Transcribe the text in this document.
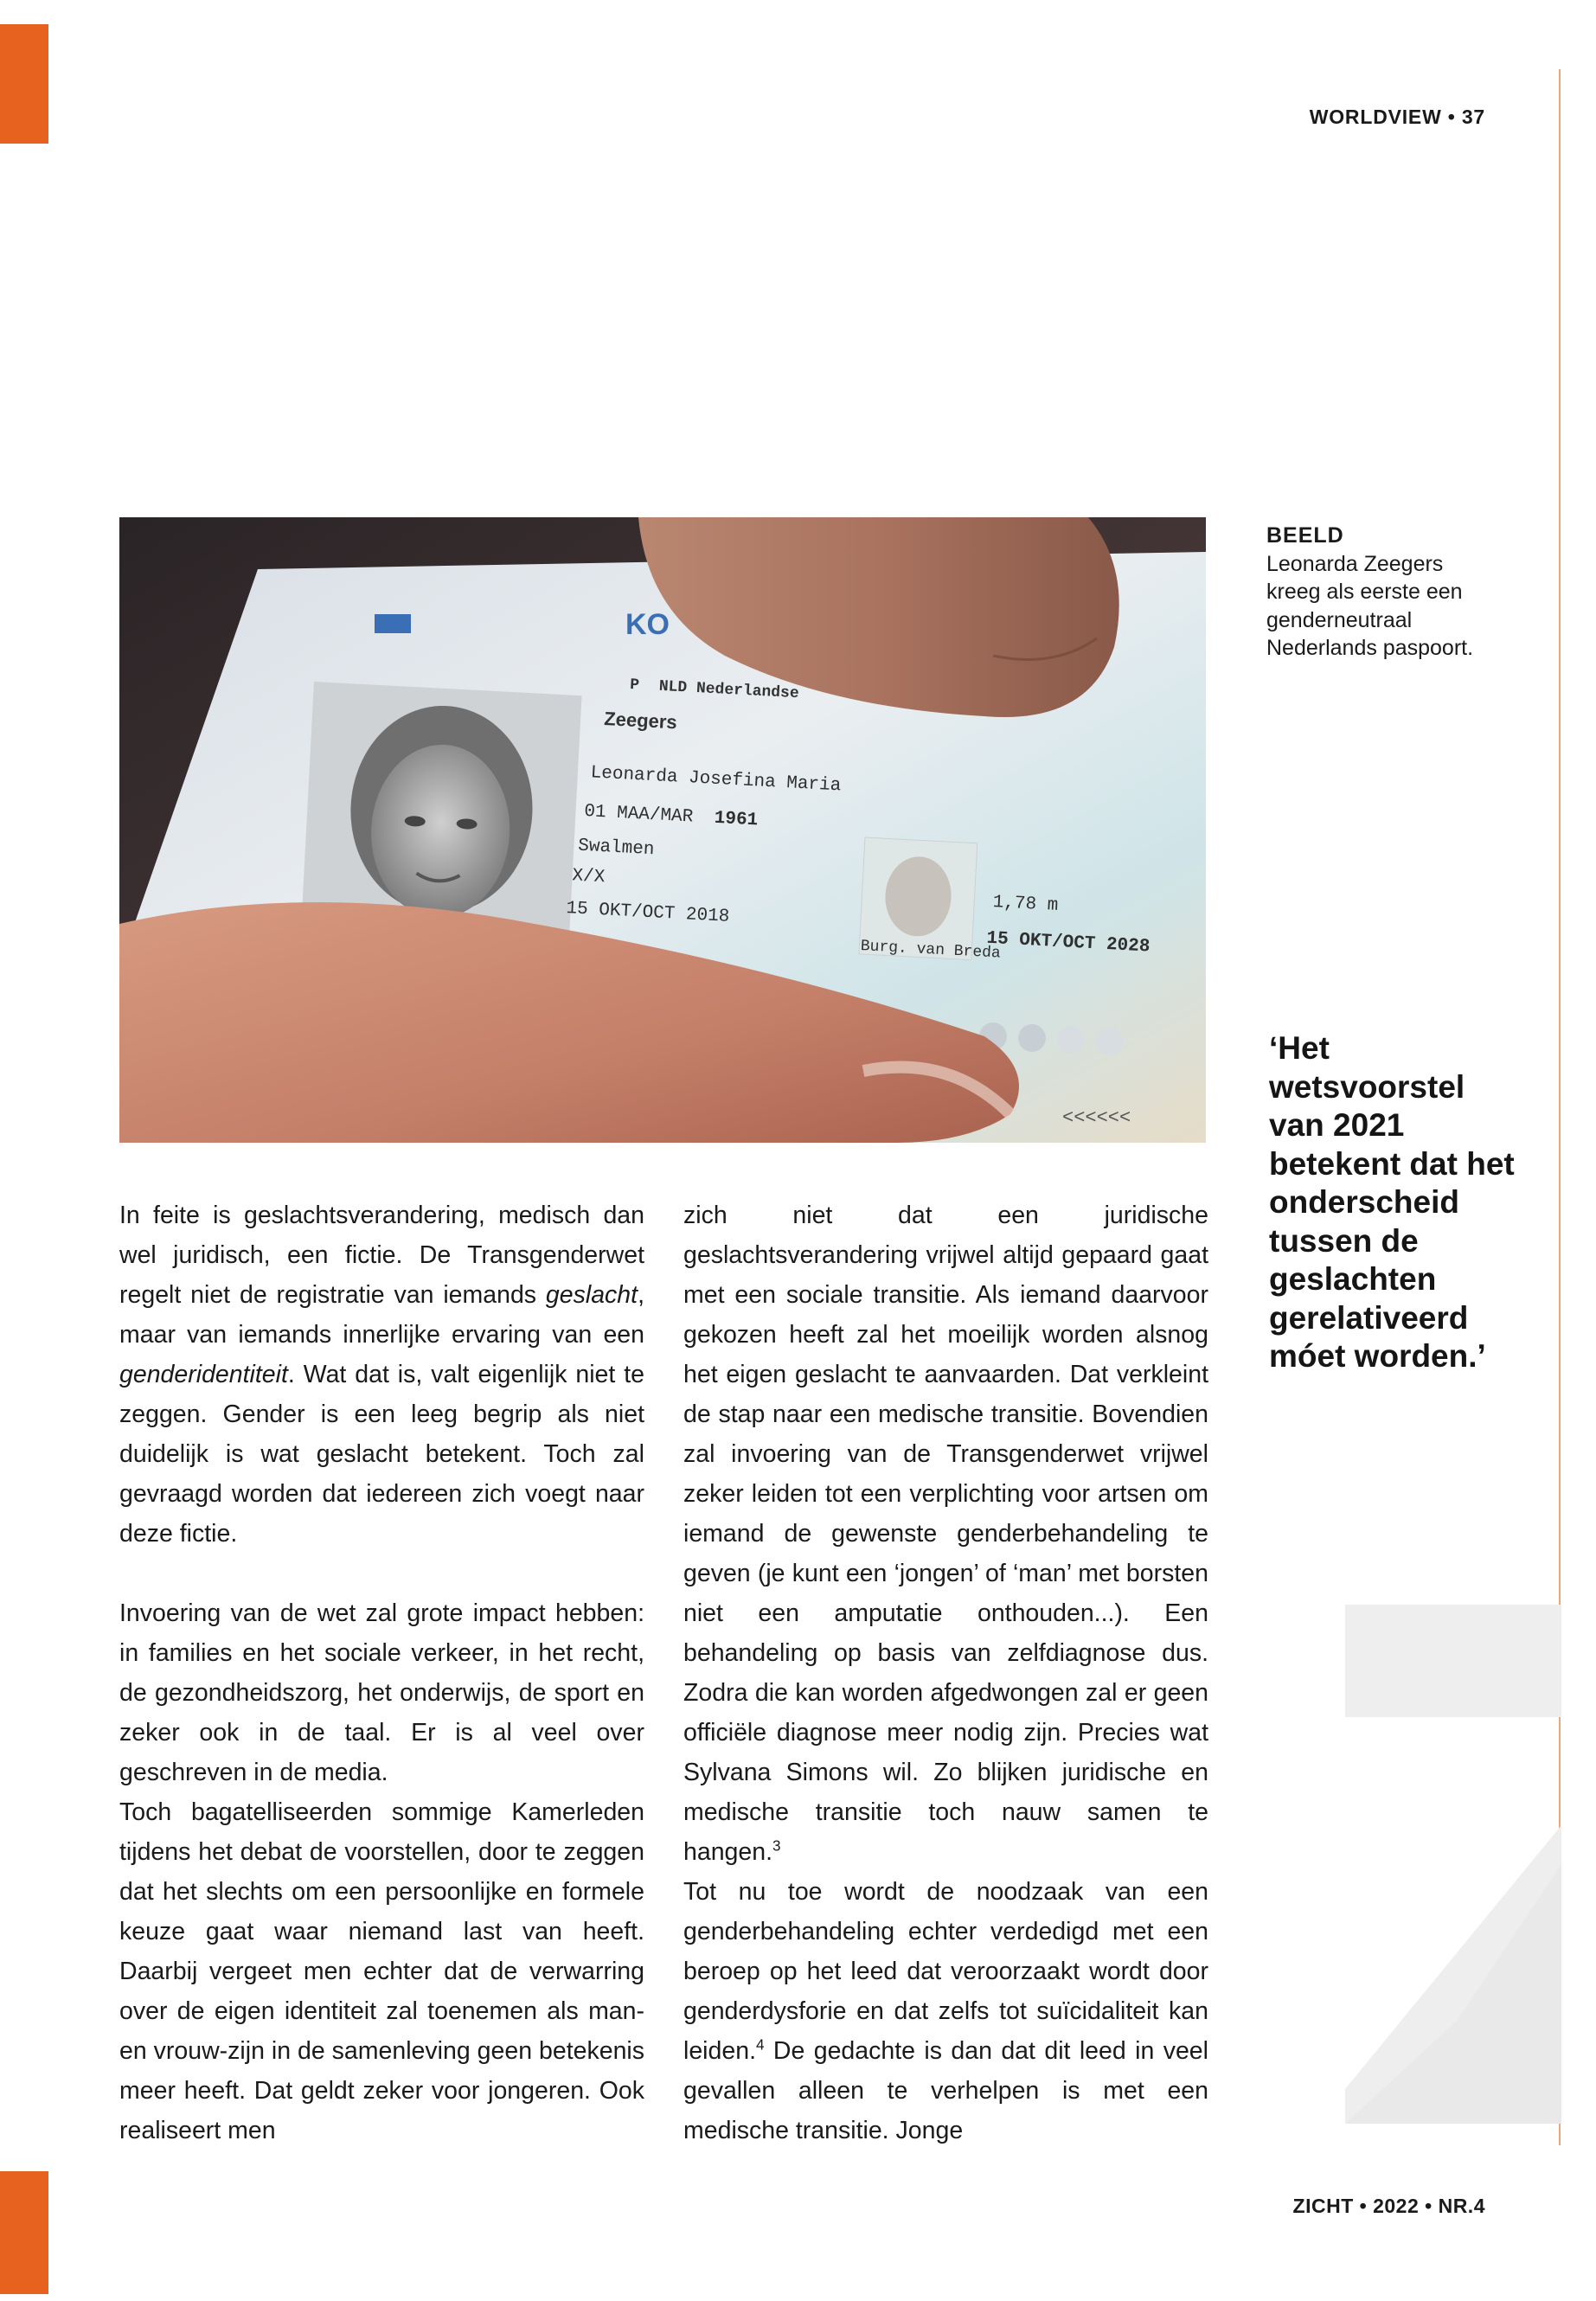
WORLDVIEW • 37
ZICHT • 2022 • NR.4
KO
P NLD Nederlandse
Zeegers
Leonarda Josefina Maria
01 MAA/MAR 1961
Swalmen
X/X
15 OKT/OCT 2018	1,78 m
15 OKT/OCT 2028
Burg. van Breda
<<<<<<
BEELD
Leonarda Zeegers kreeg als eerste een genderneutraal Nederlands paspoort.
‘Het wetsvoorstel van 2021 betekent dat het onderscheid tussen de geslachten gerelativeerd móet worden.’

In feite is geslachtsverandering, medisch dan wel juridisch, een fictie. De Transgenderwet regelt niet de registratie van iemands geslacht, maar van iemands innerlijke ervaring van een genderidentiteit. Wat dat is, valt eigenlijk niet te zeggen. Gender is een leeg begrip als niet duidelijk is wat geslacht betekent. Toch zal gevraagd worden dat iedereen zich voegt naar deze fictie.

Invoering van de wet zal grote impact hebben: in families en het sociale verkeer, in het recht, de gezondheidszorg, het onderwijs, de sport en zeker ook in de taal. Er is al veel over geschreven in de media.

Toch bagatelliseerden sommige Kamerleden tijdens het debat de voorstellen, door te zeggen dat het slechts om een persoonlijke en formele keuze gaat waar niemand last van heeft. Daarbij vergeet men echter dat de verwarring over de eigen identiteit zal toenemen als man- en vrouw-zijn in de samenleving geen betekenis meer heeft. Dat geldt zeker voor jongeren. Ook realiseert men

zich niet dat een juridische geslachtsverandering vrijwel altijd gepaard gaat met een sociale transitie. Als iemand daarvoor gekozen heeft zal het moeilijk worden alsnog het eigen geslacht te aanvaarden. Dat verkleint de stap naar een medische transitie. Bovendien zal invoering van de Transgenderwet vrijwel zeker leiden tot een verplichting voor artsen om iemand de gewenste genderbehandeling te geven (je kunt een ‘jongen’ of ‘man’ met borsten niet een amputatie onthouden...). Een behandeling op basis van zelfdiagnose dus. Zodra die kan worden afgedwongen zal er geen officiële diagnose meer nodig zijn. Precies wat Sylvana Simons wil. Zo blijken juridische en medische transitie toch nauw samen te hangen.$^3$

Tot nu toe wordt de noodzaak van een genderbehandeling echter verdedigd met een beroep op het leed dat veroorzaakt wordt door genderdysforie en dat zelfs tot suïcidaliteit kan leiden.$^4$ De gedachte is dan dat dit leed in veel gevallen alleen te verhelpen is met een medische transitie. Jonge
